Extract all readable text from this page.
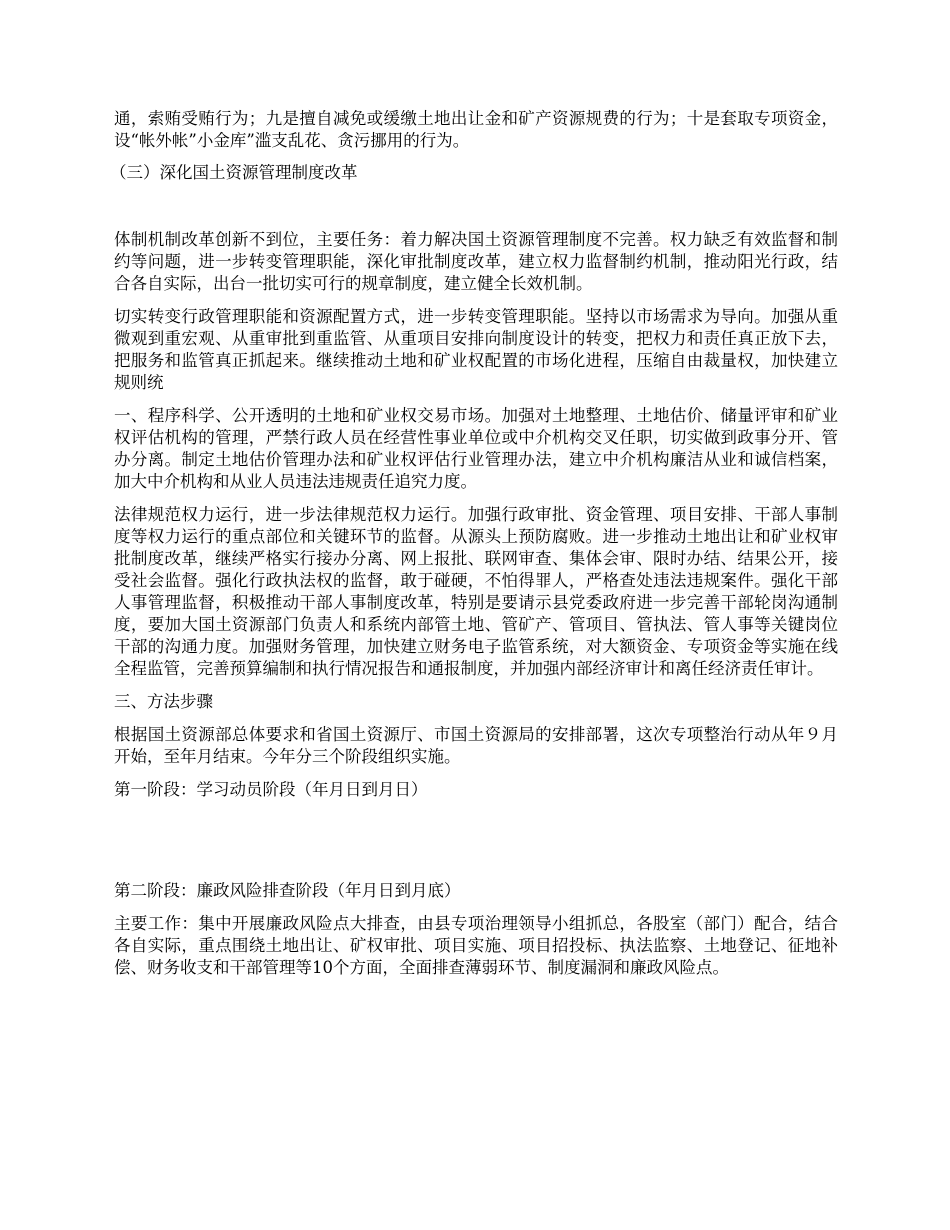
通，索贿受贿行为；九是擅自减免或缓缴土地出让金和矿产资源规费的行为；十是套取专项资金，设“帐外帐”小金库”滥支乱花、贪污挪用的行为。

（三）深化国土资源管理制度改革

体制机制改革创新不到位，主要任务：着力解决国土资源管理制度不完善。权力缺乏有效监督和制约等问题，进一步转变管理职能，深化审批制度改革，建立权力监督制约机制，推动阳光行政，结合各自实际，出台一批切实可行的规章制度，建立健全长效机制。

切实转变行政管理职能和资源配置方式，进一步转变管理职能。坚持以市场需求为导向。加强从重微观到重宏观、从重审批到重监管、从重项目安排向制度设计的转变，把权力和责任真正放下去，把服务和监管真正抓起来。继续推动土地和矿业权配置的市场化进程，压缩自由裁量权，加快建立规则统

一、程序科学、公开透明的土地和矿业权交易市场。加强对土地整理、土地估价、储量评审和矿业权评估机构的管理，严禁行政人员在经营性事业单位或中介机构交叉任职，切实做到政事分开、管办分离。制定土地估价管理办法和矿业权评估行业管理办法，建立中介机构廉洁从业和诚信档案，加大中介机构和从业人员违法违规责任追究力度。

法律规范权力运行，进一步法律规范权力运行。加强行政审批、资金管理、项目安排、干部人事制度等权力运行的重点部位和关键环节的监督。从源头上预防腐败。进一步推动土地出让和矿业权审批制度改革，继续严格实行接办分离、网上报批、联网审查、集体会审、限时办结、结果公开，接受社会监督。强化行政执法权的监督，敢于碰硬，不怕得罪人，严格查处违法违规案件。强化干部人事管理监督，积极推动干部人事制度改革，特别是要请示县党委政府进一步完善干部轮岗沟通制度，要加大国土资源部门负责人和系统内部管土地、管矿产、管项目、管执法、管人事等关键岗位干部的沟通力度。加强财务管理，加快建立财务电子监管系统，对大额资金、专项资金等实施在线全程监管，完善预算编制和执行情况报告和通报制度，并加强内部经济审计和离任经济责任审计。

三、方法步骤

根据国土资源部总体要求和省国土资源厅、市国土资源局的安排部署，这次专项整治行动从年９月开始，至年月结束。今年分三个阶段组织实施。

第一阶段：学习动员阶段（年月日到月日）

第二阶段：廉政风险排查阶段（年月日到月底）

主要工作：集中开展廉政风险点大排查，由县专项治理领导小组抓总，各股室（部门）配合，结合各自实际，重点围绕土地出让、矿权审批、项目实施、项目招投标、执法监察、土地登记、征地补偿、财务收支和干部管理等10个方面，全面排查薄弱环节、制度漏洞和廉政风险点。
